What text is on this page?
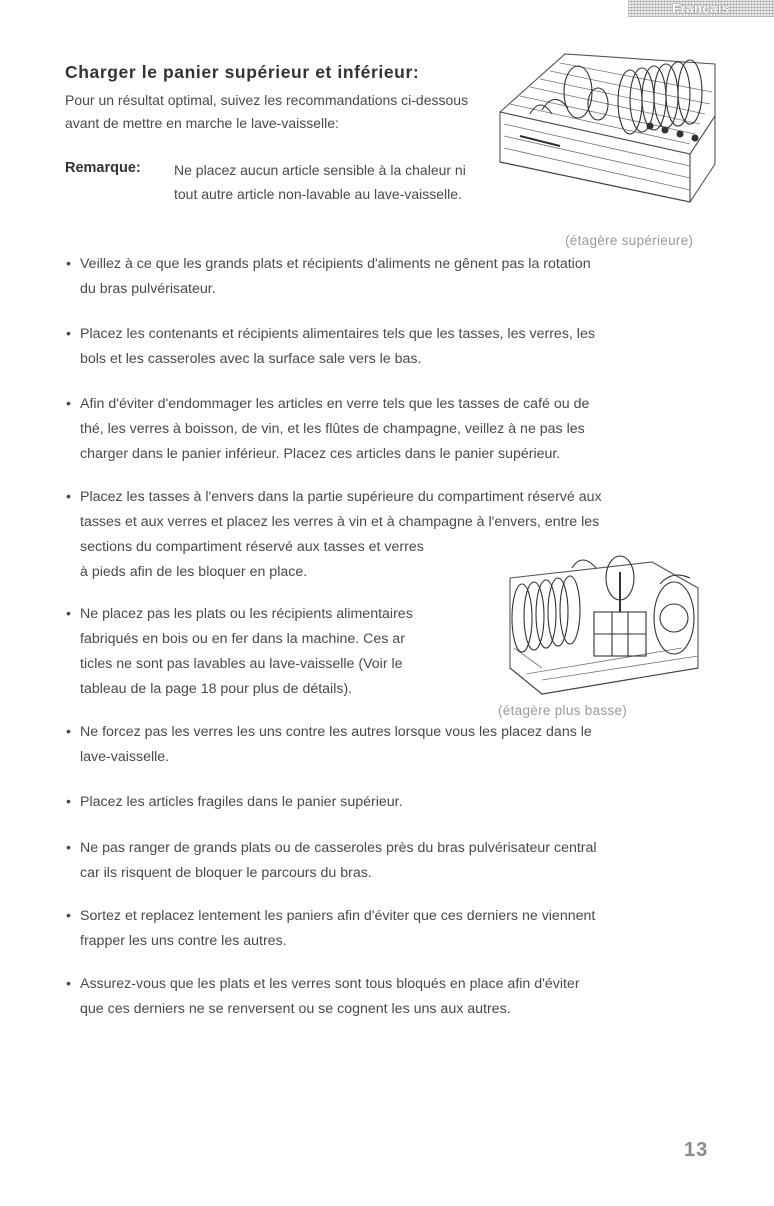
Français
Charger le panier supérieur et inférieur:

Pour un résultat optimal, suivez les recommandations ci-dessous avant de mettre en marche le lave-vaisselle:

Remarque: Ne placez aucun article sensible à la chaleur ni tout autre article non-lavable au lave-vaisselle.

(étagère supérieure)
(étagère plus basse)
• Veillez à ce que les grands plats et récipients d'aliments ne gênent pas la rotation
du bras pulvérisateur.
• Placez les contenants et récipients alimentaires tels que les tasses, les verres, les
bols et les casseroles avec la surface sale vers le bas.
• Afin d'éviter d'endommager les articles en verre tels que les tasses de café ou de
thé, les verres à boisson, de vin, et les flûtes de champagne, veillez à ne pas les
charger dans le panier inférieur. Placez ces articles dans le panier supérieur.
• Placez les tasses à l'envers dans la partie supérieure du compartiment réservé aux
tasses et aux verres et placez les verres à vin et à champagne à l'envers, entre les
sections du compartiment réservé aux tasses et verres
à pieds afin de les bloquer en place.
• Ne placez pas les plats ou les récipients alimentaires
fabriqués en bois ou en fer dans la machine. Ces ar
ticles ne sont pas lavables au lave-vaisselle (Voir le
tableau de la page 18 pour plus de détails).
• Ne forcez pas les verres les uns contre les autres lorsque vous les placez dans le
lave-vaisselle.
• Placez les articles fragiles dans le panier supérieur.
• Ne pas ranger de grands plats ou de casseroles près du bras pulvérisateur central
car ils risquent de bloquer le parcours du bras.
• Sortez et replacez lentement les paniers afin d'éviter que ces derniers ne viennent
frapper les uns contre les autres.
• Assurez-vous que les plats et les verres sont tous bloqués en place afin d'éviter
que ces derniers ne se renversent ou se cognent les uns aux autres.
13
